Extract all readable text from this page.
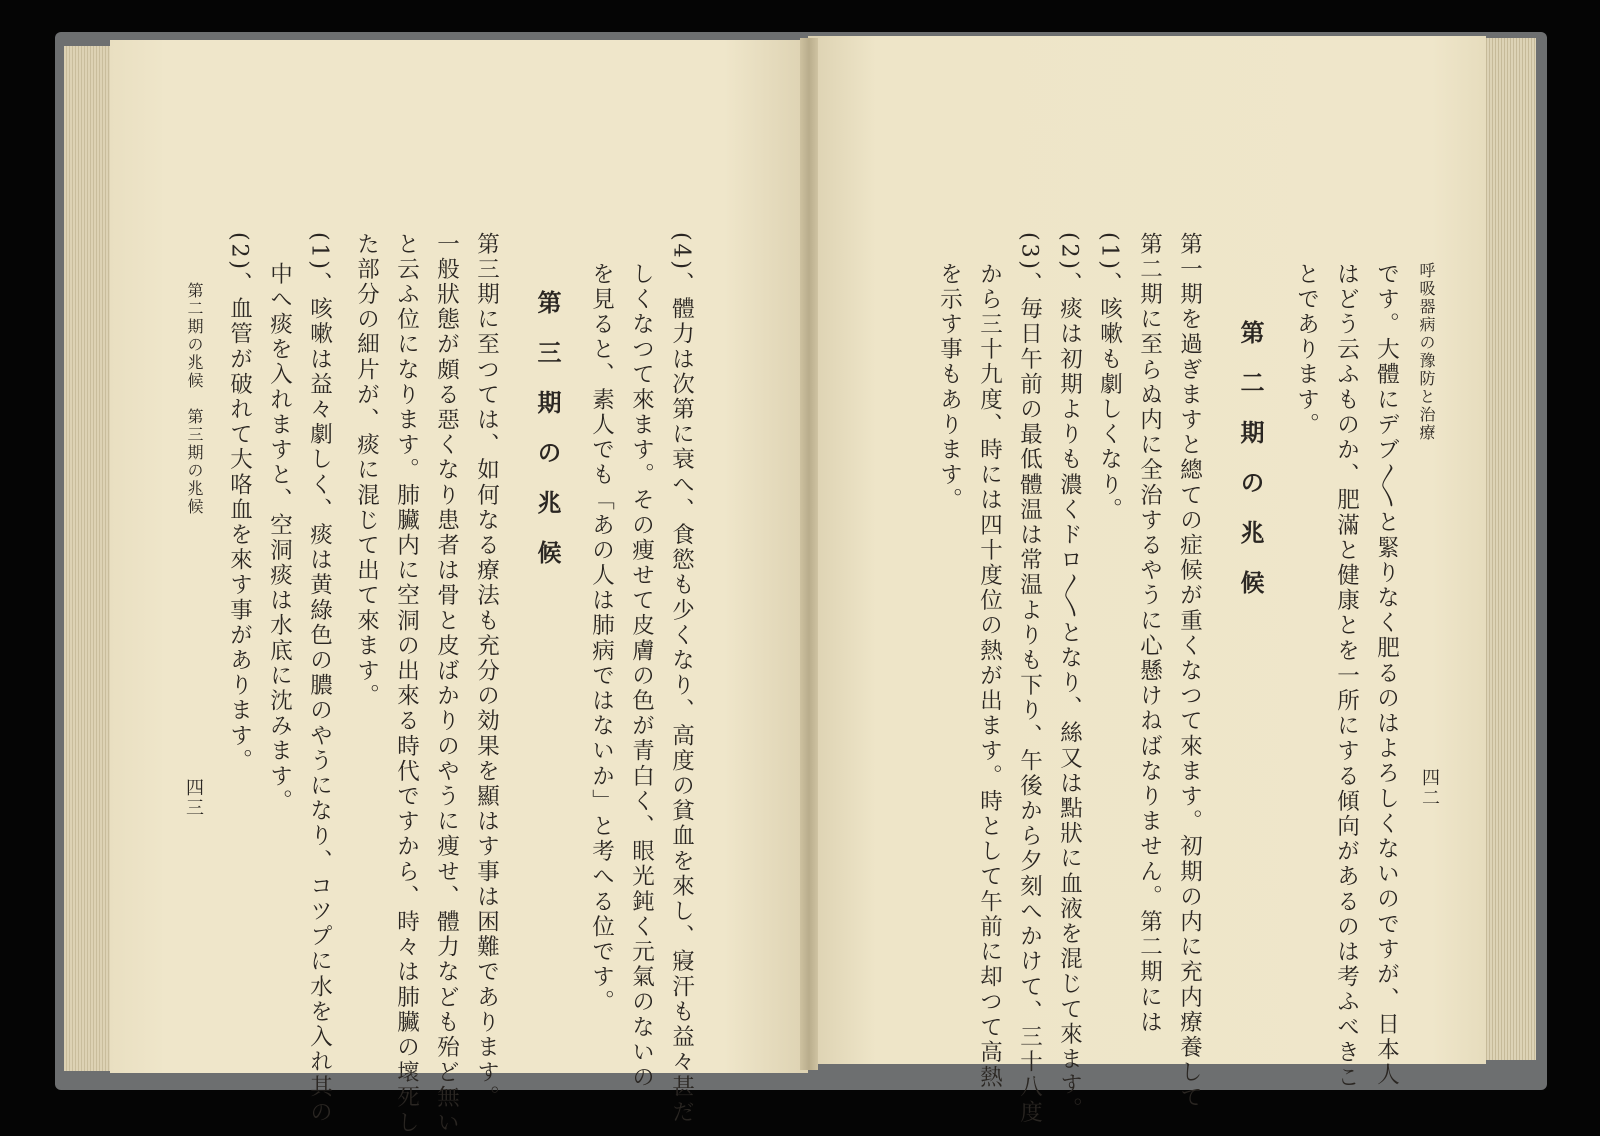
呼吸器病の豫防と治療
四二
です。大體にデブ〳〵と緊りなく肥るのはよろしくないのですが、日本人
はどう云ふものか、肥滿と健康とを一所にする傾向があるのは考ふべきこ
とであります。
第二期の兆候
第一期を過ぎますと總ての症候が重くなつて來ます。初期の内に充内療養して
第二期に至らぬ内に全治するやうに心懸けねばなりません。第二期には
(1)、咳嗽も劇しくなり。
(2)、痰は初期よりも濃くドロ〳〵となり、絲又は點狀に血液を混じて來ます。
(3)、毎日午前の最低體温は常温よりも下り、午後から夕刻へかけて、三十八度
から三十九度、時には四十度位の熱が出ます。時として午前に却つて高熱
を示す事もあります。
(4)、體力は次第に衰へ、食慾も少くなり、高度の貧血を來し、寢汗も益々甚だ
しくなつて來ます。その痩せて皮膚の色が青白く、眼光鈍く元氣のないの
を見ると、素人でも「あの人は肺病ではないか」と考へる位です。
第三期の兆候
第三期に至つては、如何なる療法も充分の効果を顯はす事は困難であります。
一般狀態が頗る惡くなり患者は骨と皮ばかりのやうに痩せ、體力なども殆ど無い
と云ふ位になります。肺臟内に空洞の出來る時代ですから、時々は肺臟の壞死し
た部分の細片が、痰に混じて出て來ます。
(1)、咳嗽は益々劇しく、痰は黄綠色の膿のやうになり、コツプに水を入れ其の
中へ痰を入れますと、空洞痰は水底に沈みます。
(2)、血管が破れて大咯血を來す事があります。
第二期の兆候　第三期の兆候
四三
